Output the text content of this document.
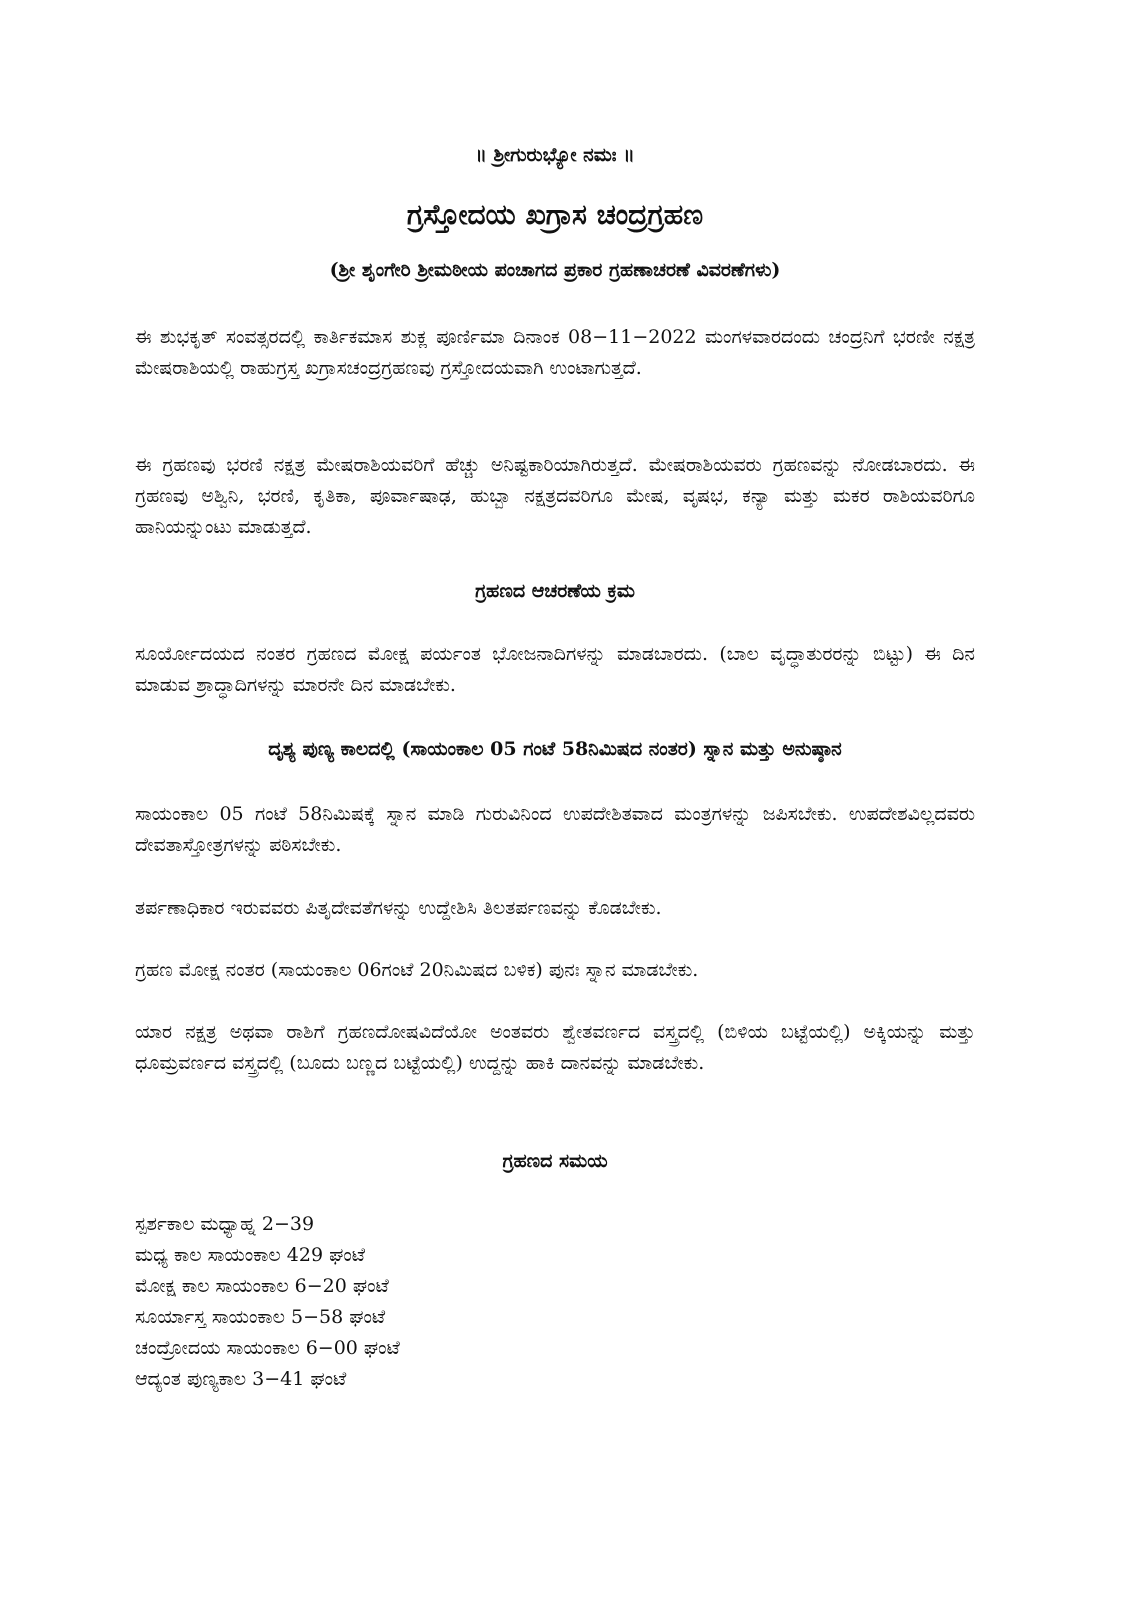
॥ ಶ್ರೀಗುರುಭ್ಯೋ ನಮಃ ॥
ಗ್ರಸ್ತೋದಯ ಖಗ್ರಾಸ ಚಂದ್ರಗ್ರಹಣ
(ಶ್ರೀ ಶೃಂಗೇರಿ ಶ್ರೀಮಠೀಯ ಪಂಚಾಗದ ಪ್ರಕಾರ ಗ್ರಹಣಾಚರಣೆ ವಿವರಣೆಗಳು)
ಈ ಶುಭಕೃತ್ ಸಂವತ್ಸರದಲ್ಲಿ ಕಾರ್ತಿಕಮಾಸ ಶುಕ್ಲ ಪೂರ್ಣಿಮಾ ದಿನಾಂಕ 08−11−2022 ಮಂಗಳವಾರದಂದು ಚಂದ್ರನಿಗೆ ಭರಣೀ ನಕ್ಷತ್ರ ಮೇಷರಾಶಿಯಲ್ಲಿ ರಾಹುಗ್ರಸ್ತ ಖಗ್ರಾಸಚಂದ್ರಗ್ರಹಣವು ಗ್ರಸ್ತೋದಯವಾಗಿ ಉಂಟಾಗುತ್ತದೆ.
ಈ ಗ್ರಹಣವು ಭರಣಿ ನಕ್ಷತ್ರ ಮೇಷರಾಶಿಯವರಿಗೆ ಹೆಚ್ಚು ಅನಿಷ್ಟಕಾರಿಯಾಗಿರುತ್ತದೆ. ಮೇಷರಾಶಿಯವರು ಗ್ರಹಣವನ್ನು ನೋಡಬಾರದು. ಈ ಗ್ರಹಣವು ಅಶ್ವಿನಿ, ಭರಣಿ, ಕೃತಿಕಾ, ಪೂರ್ವಾಷಾಢ, ಹುಬ್ಬಾ ನಕ್ಷತ್ರದವರಿಗೂ ಮೇಷ, ವೃಷಭ, ಕನ್ಯಾ ಮತ್ತು ಮಕರ ರಾಶಿಯವರಿಗೂ ಹಾನಿಯನ್ನುಂಟು ಮಾಡುತ್ತದೆ.
ಗ್ರಹಣದ ಆಚರಣೆಯ ಕ್ರಮ
ಸೂರ್ಯೋದಯದ ನಂತರ ಗ್ರಹಣದ ಮೋಕ್ಷ ಪರ್ಯಂತ ಭೋಜನಾದಿಗಳನ್ನು ಮಾಡಬಾರದು. (ಬಾಲ ವೃದ್ಧಾತುರರನ್ನು ಬಿಟ್ಟು) ಈ ದಿನ ಮಾಡುವ ಶ್ರಾದ್ಧಾದಿಗಳನ್ನು ಮಾರನೇ ದಿನ ಮಾಡಬೇಕು.
ದೃಶ್ಯ ಪುಣ್ಯ ಕಾಲದಲ್ಲಿ (ಸಾಯಂಕಾಲ 05 ಗಂಟೆ 58ನಿಮಿಷದ ನಂತರ) ಸ್ನಾನ ಮತ್ತು ಅನುಷ್ಠಾನ
ಸಾಯಂಕಾಲ 05 ಗಂಟೆ 58ನಿಮಿಷಕ್ಕೆ ಸ್ನಾನ ಮಾಡಿ ಗುರುವಿನಿಂದ ಉಪದೇಶಿತವಾದ ಮಂತ್ರಗಳನ್ನು ಜಪಿಸಬೇಕು. ಉಪದೇಶವಿಲ್ಲದವರು ದೇವತಾಸ್ತೋತ್ರಗಳನ್ನು ಪಠಿಸಬೇಕು.
ತರ್ಪಣಾಧಿಕಾರ ಇರುವವರು ಪಿತೃದೇವತೆಗಳನ್ನು ಉದ್ದೇಶಿಸಿ ತಿಲತರ್ಪಣವನ್ನು ಕೊಡಬೇಕು.
ಗ್ರಹಣ ಮೋಕ್ಷ ನಂತರ (ಸಾಯಂಕಾಲ 06ಗಂಟೆ 20ನಿಮಿಷದ ಬಳಿಕ) ಪುನಃ ಸ್ನಾನ ಮಾಡಬೇಕು.
ಯಾರ ನಕ್ಷತ್ರ ಅಥವಾ ರಾಶಿಗೆ ಗ್ರಹಣದೋಷವಿದೆಯೋ ಅಂತವರು ಶ್ವೇತವರ್ಣದ ವಸ್ತ್ರದಲ್ಲಿ (ಬಿಳಿಯ ಬಟ್ಟೆಯಲ್ಲಿ) ಅಕ್ಕಿಯನ್ನು ಮತ್ತು ಧೂಮ್ರವರ್ಣದ ವಸ್ತ್ರದಲ್ಲಿ (ಬೂದು ಬಣ್ಣದ ಬಟ್ಟೆಯಲ್ಲಿ) ಉದ್ದನ್ನು ಹಾಕಿ ದಾನವನ್ನು ಮಾಡಬೇಕು.
ಗ್ರಹಣದ ಸಮಯ
ಸ್ಪರ್ಶಕಾಲ ಮಧ್ಯಾಹ್ನ 2−39
ಮಧ್ಯ ಕಾಲ ಸಾಯಂಕಾಲ 429 ಘಂಟೆ
ಮೋಕ್ಷ ಕಾಲ ಸಾಯಂಕಾಲ 6−20 ಘಂಟೆ
ಸೂರ್ಯಾಸ್ತ ಸಾಯಂಕಾಲ 5−58 ಘಂಟೆ
ಚಂದ್ರೋದಯ ಸಾಯಂಕಾಲ 6−00 ಘಂಟೆ
ಆದ್ಯಂತ ಪುಣ್ಯಕಾಲ 3−41 ಘಂಟೆ
